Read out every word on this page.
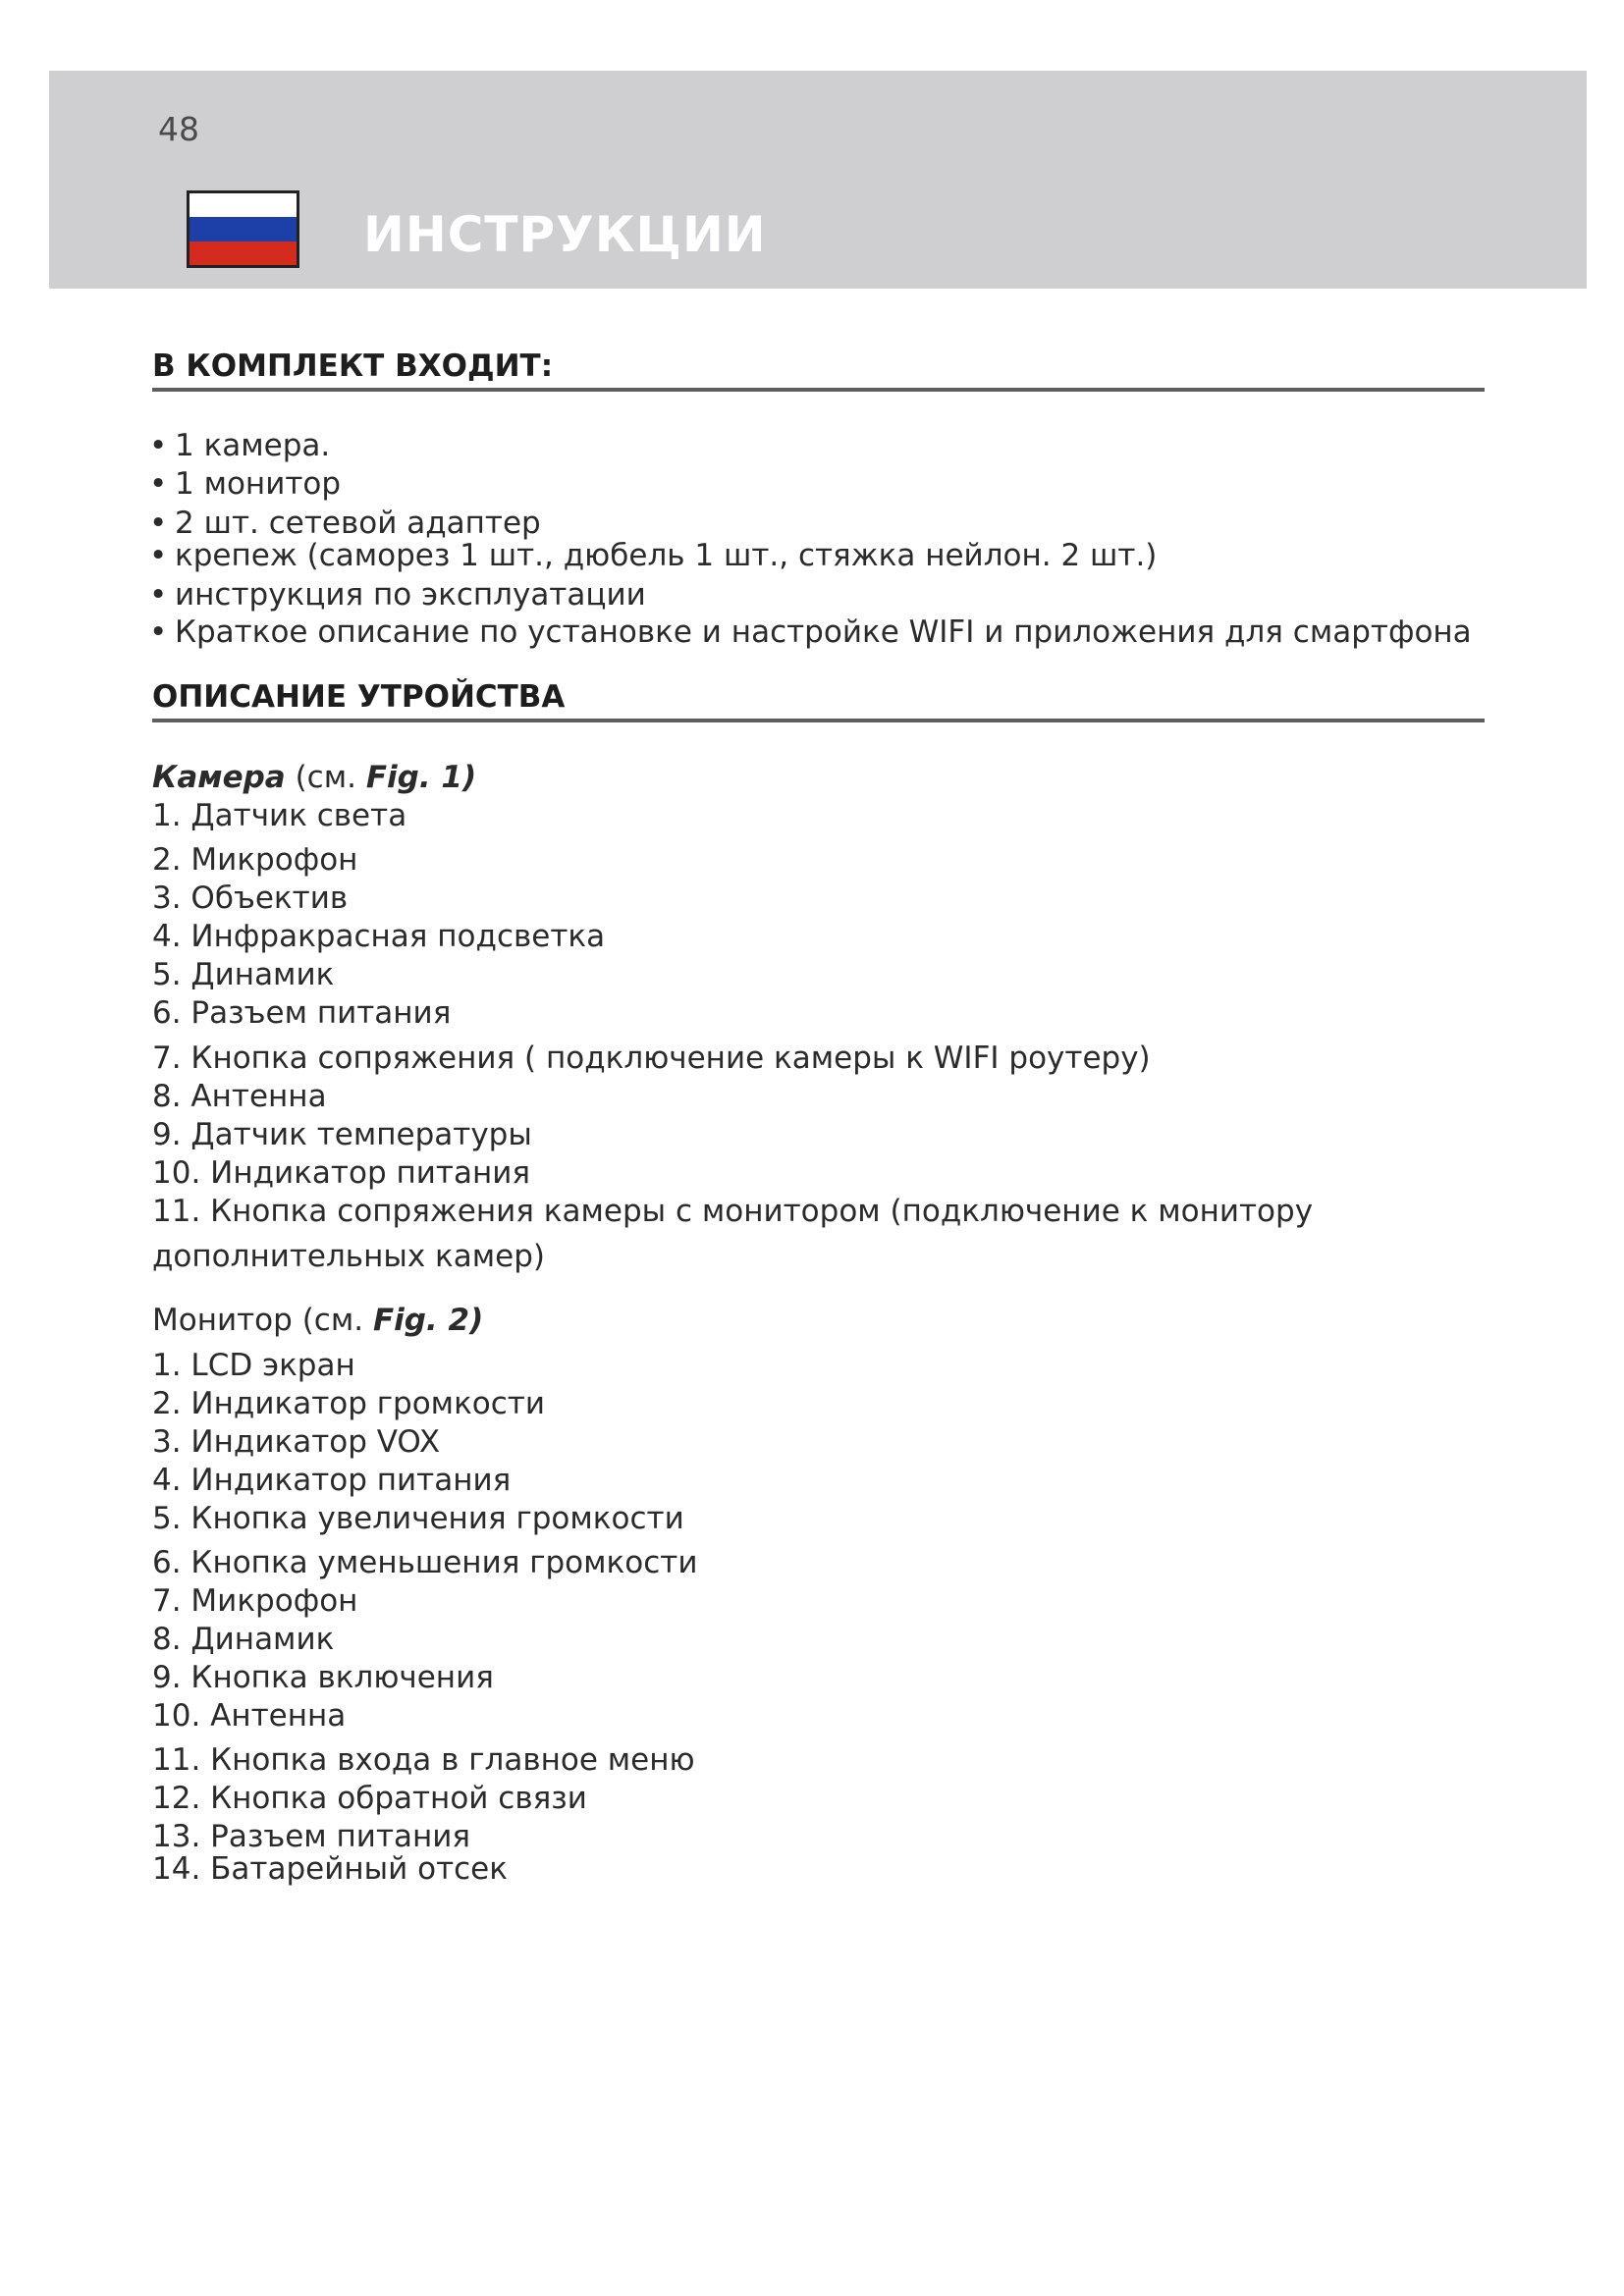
48
ИНСТРУКЦИИ
В КОМПЛЕКТ ВХОДИТ:
• 1 камера.
• 1 монитор
• 2 шт. сетевой адаптер
• крепеж (саморез 1 шт., дюбель 1 шт., стяжка нейлон. 2 шт.)
• инструкция по эксплуатации
• Краткое описание по установке и настройке WIFI и приложения для смартфона
ОПИСАНИЕ УТРОЙСТВА
Камера (см. Fig. 1)
1. Датчик света
2. Микрофон
3. Объектив
4. Инфракрасная подсветка
5. Динамик
6. Разъем питания
7. Кнопка сопряжения ( подключение камеры к WIFI роутеру)
8. Антенна
9. Датчик температуры
10. Индикатор питания
11. Кнопка сопряжения камеры с монитором (подключение к монитору
дополнительных камер)
Монитор (см. Fig. 2)
1. LCD экран
2. Индикатор громкости
3. Индикатор VOX
4. Индикатор питания
5. Кнопка увеличения громкости
6. Кнопка уменьшения громкости
7. Микрофон
8. Динамик
9. Кнопка включения
10. Антенна
11. Кнопка входа в главное меню
12. Кнопка обратной связи
13. Разъем питания
14. Батарейный отсек
